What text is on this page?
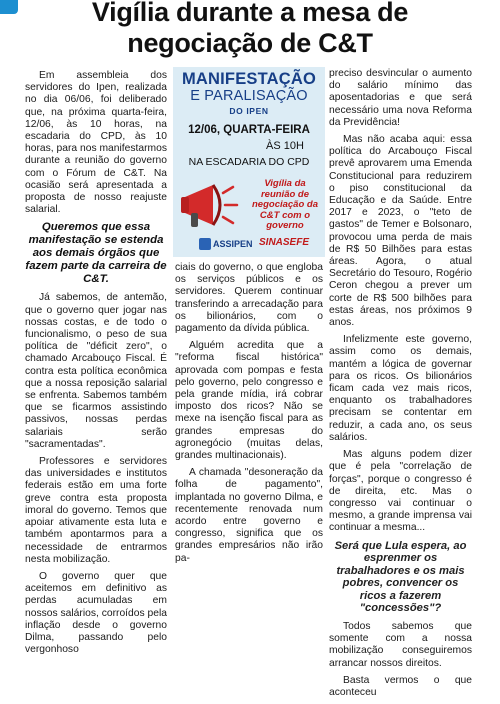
Vigília durante a mesa de
negociação de C&T

Em assembleia dos servidores do Ipen, realizada no dia 06/06, foi deliberado que, na próxima quarta-feira, 12/06, às 10 horas, na escadaria do CPD, às 10 horas, para nos manifestarmos durante a reunião do governo com o Fórum de C&T. Na ocasião será apresentada a proposta de nosso reajuste salarial.

Queremos que essa manifestação se estenda aos demais órgãos que fazem parte da carreira de C&T.

Já sabemos, de antemão, que o governo quer jogar nas nossas costas, e de todo o funcionalismo, o peso de sua política de "déficit zero", o chamado Arcabouço Fiscal. É contra esta política econômica que a nossa reposição salarial se enfrenta. Sabemos também que se ficarmos assistindo passivos, nossas perdas salariais serão "sacramentadas".

Professores e servidores das universidades e institutos federais estão em uma forte greve contra esta proposta imoral do governo. Temos que apoiar ativamente esta luta e também apontarmos para a necessidade de entrarmos nesta mobilização.

O governo quer que aceitemos em definitivo as perdas acumuladas em nossos salários, corroídos pela inflação desde o governo Dilma, passando pelo vergonhoso

MANIFESTAÇÃO
E PARALISAÇÃO
DO IPEN
12/06, QUARTA-FEIRA
ÀS 10H
NA ESCADARIA DO CPD
Vigília da reunião de negociação da C&T com o governo
ASSIPEN SINASEFE

ciais do governo, o que engloba os serviços públicos e os servidores. Querem continuar transferindo a arrecadação para os bilionários, com o pagamento da dívida pública.

Alguém acredita que a "reforma fiscal histórica" aprovada com pompas e festa pelo governo, pelo congresso e pela grande mídia, irá cobrar imposto dos ricos? Não se mexe na isenção fiscal para as grandes empresas do agronegócio (muitas delas, grandes multinacionais).

A chamada "desoneração da folha de pagamento", implantada no governo Dilma, e recentemente renovada num acordo entre governo e congresso, significa que os grandes empresários não irão pa-

preciso desvincular o aumento do salário mínimo das aposentadorias e que será necessário uma nova Reforma da Previdência!

Mas não acaba aqui: essa política do Arcabouço Fiscal prevê aprovarem uma Emenda Constitucional para reduzirem o piso constitucional da Educação e da Saúde. Entre 2017 e 2023, o "teto de gastos" de Temer e Bolsonaro, provocou uma perda de mais de R$ 50 Bilhões para estas áreas. Agora, o atual Secretário do Tesouro, Rogério Ceron chegou a prever um corte de R$ 500 bilhões para estas áreas, nos próximos 9 anos.

Infelizmente este governo, assim como os demais, mantém a lógica de governar para os ricos. Os bilionários ficam cada vez mais ricos, enquanto os trabalhadores precisam se contentar em reduzir, a cada ano, os seus salários.

Mas alguns podem dizer que é pela "correlação de forças", porque o congresso é de direita, etc. Mas o congresso vai continuar o mesmo, a grande imprensa vai continuar a mesma...

Será que Lula espera, ao esprenmer os trabalhadores e os mais pobres, convencer os ricos a fazerem "concessões"?

Todos sabemos que somente com a nossa mobilização conseguiremos arrancar nossos direitos.

Basta vermos o que aconteceu
